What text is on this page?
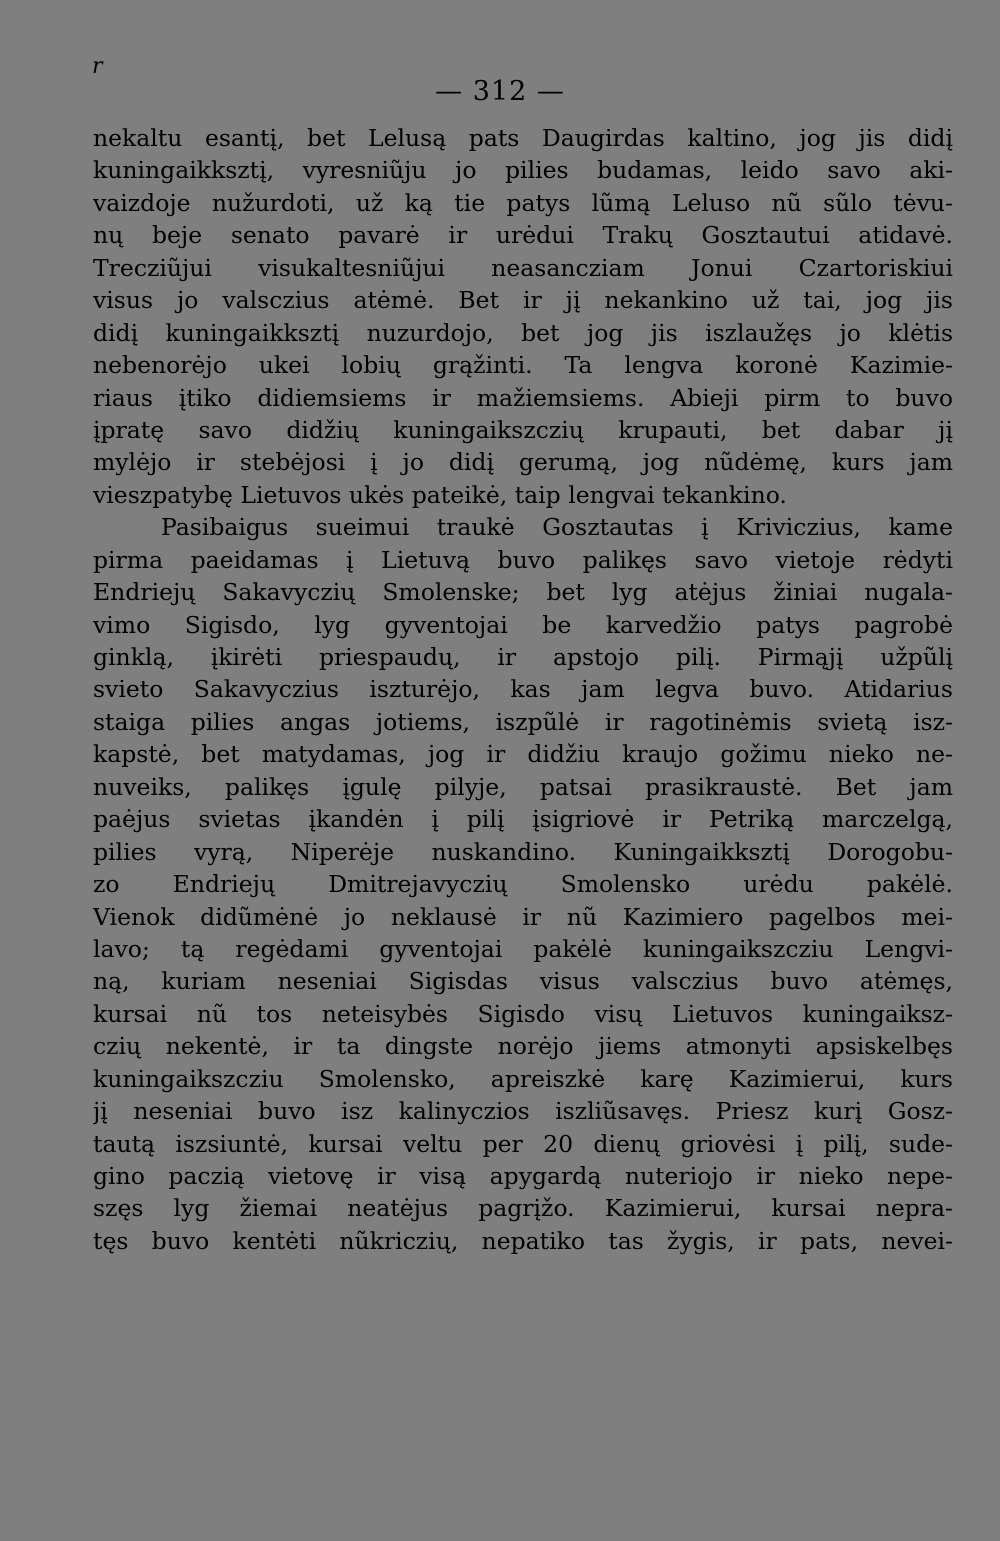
r
— 312 —
nekaltu esantį, bet Lelusą pats Daugirdas kaltino, jog jis didį
kuningaikksztį, vyresniũju jo pilies budamas, leido savo aki-
vaizdoje nužurdoti, už ką tie patys lũmą Leluso nũ sũlo tėvu-
nų beje senato pavarė ir urėdui Trakų Gosztautui atidavė.
Trecziũjui visukaltesniũjui neasancziam Jonui Czartoriskiui
visus jo valsczius atėmė. Bet ir jį nekankino už tai, jog jis
didį kuningaikksztį nuzurdojo, bet jog jis iszlaužęs jo klėtis
nebenorėjo ukei lobių grąžinti. Ta lengva koronė Kazimie-
riaus įtiko didiemsiems ir mažiemsiems. Abieji pirm to buvo
įpratę savo didžių kuningaikszczių krupauti, bet dabar jį
mylėjo ir stebėjosi į jo didį gerumą, jog nũdėmę, kurs jam
vieszpatybę Lietuvos ukės pateikė, taip lengvai tekankino.
Pasibaigus sueimui traukė Gosztautas į Kriviczius, kame
pirma paeidamas į Lietuvą buvo palikęs savo vietoje rėdyti
Endriejų Sakavyczių Smolenske; bet lyg atėjus žiniai nugala-
vimo Sigisdo, lyg gyventojai be karvedžio patys pagrobė
ginklą, įkirėti priespaudų, ir apstojo pilį. Pirmąjį užpũlį
svieto Sakavyczius iszturėjo, kas jam legva buvo. Atidarius
staiga pilies angas jotiems, iszpũlė ir ragotinėmis svietą isz-
kapstė, bet matydamas, jog ir didžiu kraujo gožimu nieko ne-
nuveiks, palikęs įgulę pilyje, patsai prasikraustė. Bet jam
paėjus svietas įkandėn į pilį įsigriovė ir Petriką marczelgą,
pilies vyrą, Niperėje nuskandino. Kuningaikksztį Dorogobu-
zo Endriejų Dmitrejavyczių Smolensko urėdu pakėlė.
Vienok didũmėnė jo neklausė ir nũ Kazimiero pagelbos mei-
lavo; tą regėdami gyventojai pakėlė kuningaikszcziu Lengvi-
ną, kuriam neseniai Sigisdas visus valsczius buvo atėmęs,
kursai nũ tos neteisybės Sigisdo visų Lietuvos kuningaiksz-
czių nekentė, ir ta dingste norėjo jiems atmonyti apsiskelbęs
kuningaikszcziu Smolensko, apreiszkė karę Kazimierui, kurs
jį neseniai buvo isz kalinyczios iszliũsavęs. Priesz kurį Gosz-
tautą iszsiuntė, kursai veltu per 20 dienų griovėsi į pilį, sude-
gino paczią vietovę ir visą apygardą nuteriojo ir nieko nepe-
szęs lyg žiemai neatėjus pagrįžo. Kazimierui, kursai nepra-
tęs buvo kentėti nũkriczių, nepatiko tas žygis, ir pats, nevei-
